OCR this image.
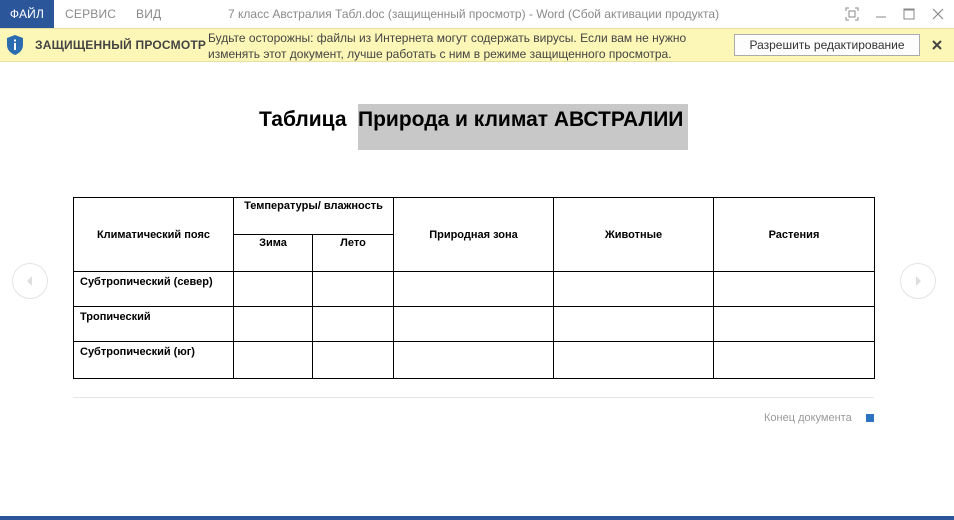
ФАЙЛ	СЕРВИС ВИД	7 класс Австралия Табл.doc (защищенный просмотр) - Word (Сбой активации продукта)
ЗАЩИЩЕННЫЙ ПРОСМОТР Будьте осторожны: файлы из Интернета могут содержать вирусы. Если вам не нужно изменять этот документ, лучше работать с ним в режиме защищенного просмотра.
Разрешить редактирование
Таблица Природа и климат АВСТРАЛИИ
Климатический пояс	Температуры/ влажность		Природная зона	Животные	Растения
	Зима	Лето			
Субтропический (север)					
Тропический					
Субтропический (юг)					
Конец документа
